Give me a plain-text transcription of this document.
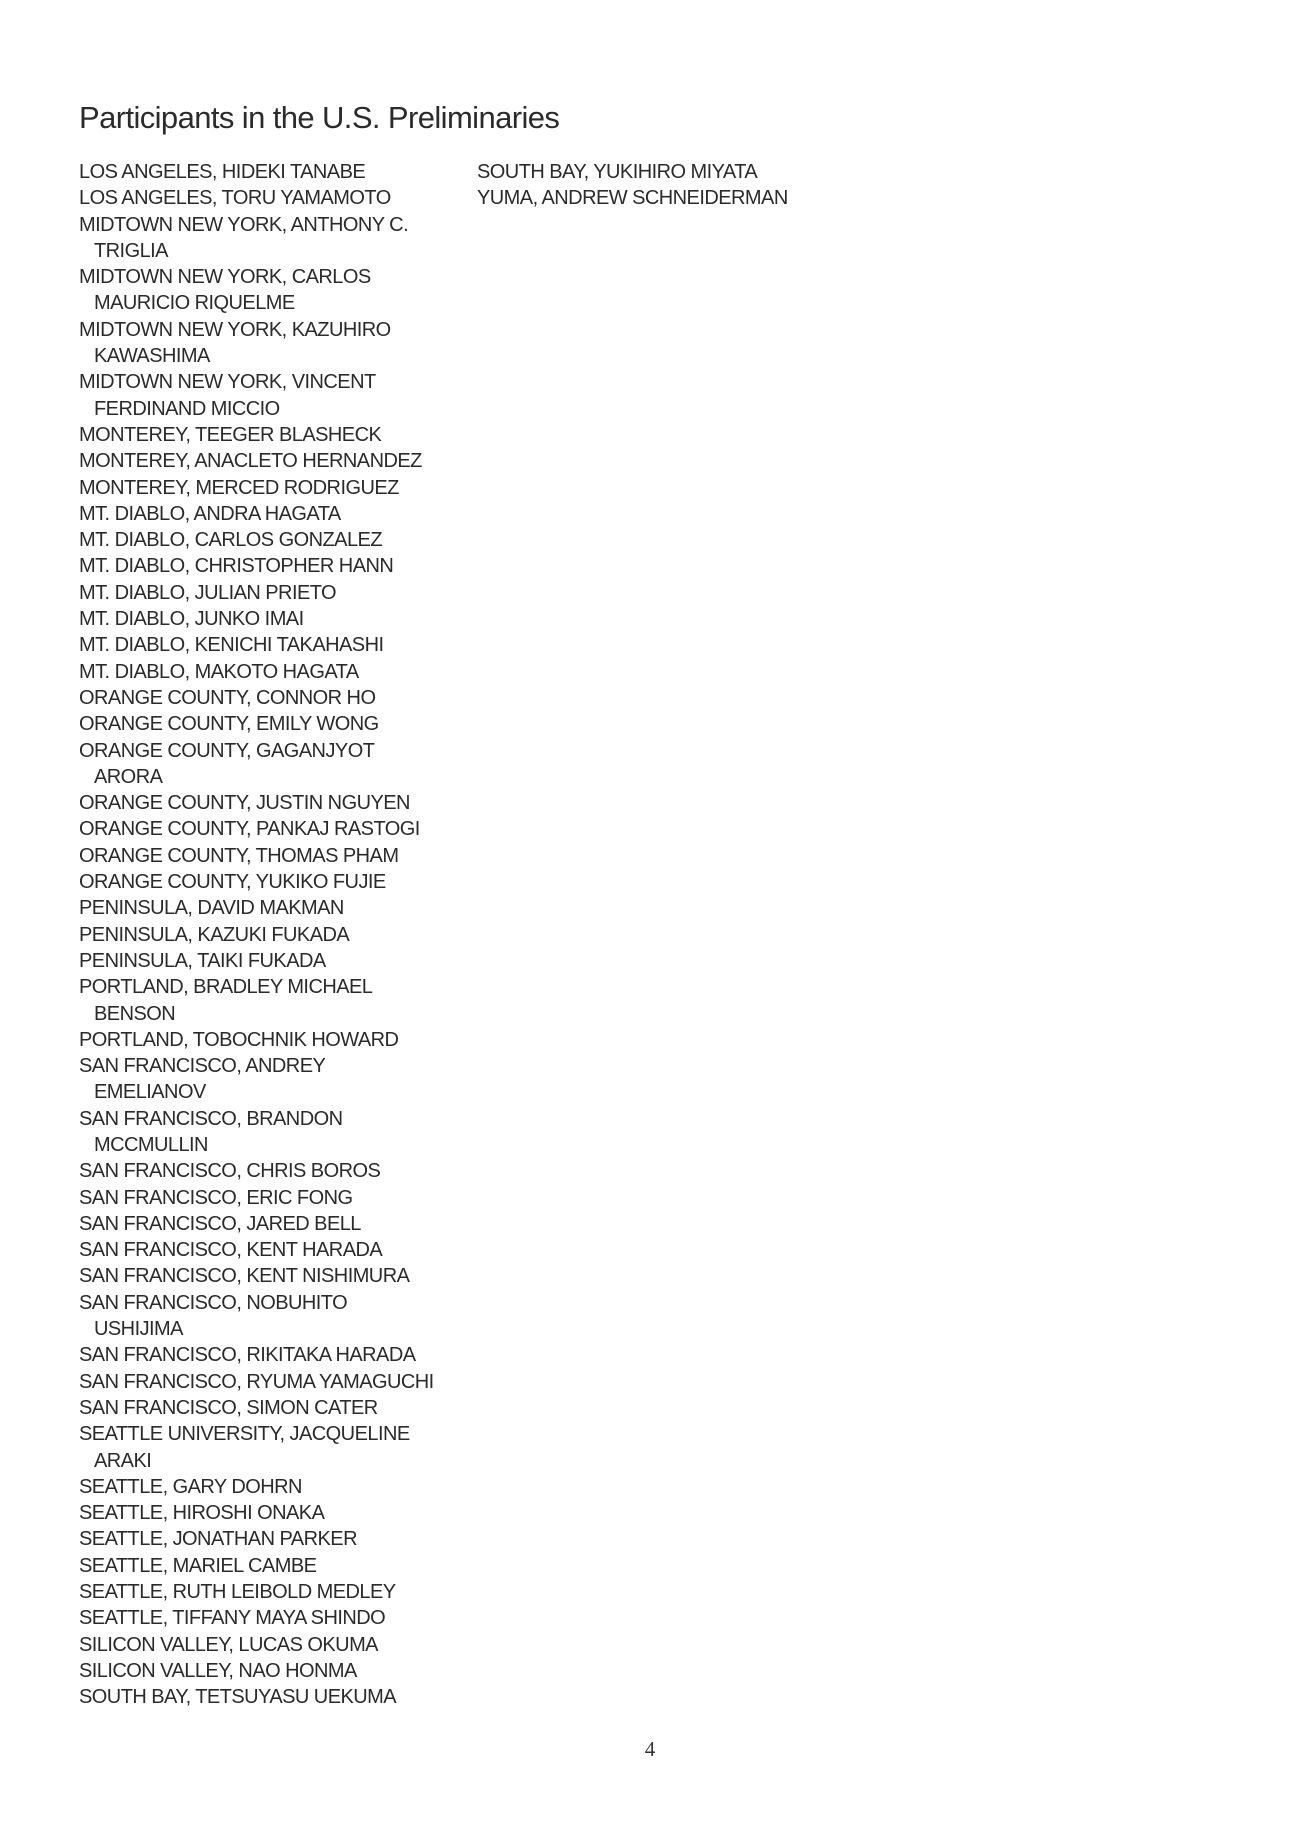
Participants in the U.S. Preliminaries
LOS ANGELES, HIDEKI TANABE
LOS ANGELES, TORU YAMAMOTO
MIDTOWN NEW YORK, ANTHONY C.
TRIGLIA
MIDTOWN NEW YORK, CARLOS
MAURICIO RIQUELME
MIDTOWN NEW YORK, KAZUHIRO
KAWASHIMA
MIDTOWN NEW YORK, VINCENT
FERDINAND MICCIO
MONTEREY, TEEGER BLASHECK
MONTEREY, ANACLETO HERNANDEZ
MONTEREY, MERCED RODRIGUEZ
MT. DIABLO, ANDRA HAGATA
MT. DIABLO, CARLOS GONZALEZ
MT. DIABLO, CHRISTOPHER HANN
MT. DIABLO, JULIAN PRIETO
MT. DIABLO, JUNKO IMAI
MT. DIABLO, KENICHI TAKAHASHI
MT. DIABLO, MAKOTO HAGATA
ORANGE COUNTY, CONNOR HO
ORANGE COUNTY, EMILY WONG
ORANGE COUNTY, GAGANJYOT
ARORA
ORANGE COUNTY, JUSTIN NGUYEN
ORANGE COUNTY, PANKAJ RASTOGI
ORANGE COUNTY, THOMAS PHAM
ORANGE COUNTY, YUKIKO FUJIE
PENINSULA, DAVID MAKMAN
PENINSULA, KAZUKI FUKADA
PENINSULA, TAIKI FUKADA
PORTLAND, BRADLEY MICHAEL
BENSON
PORTLAND, TOBOCHNIK HOWARD
SAN FRANCISCO, ANDREY
EMELIANOV
SAN FRANCISCO, BRANDON
MCCMULLIN
SAN FRANCISCO, CHRIS BOROS
SAN FRANCISCO, ERIC FONG
SAN FRANCISCO, JARED BELL
SAN FRANCISCO, KENT HARADA
SAN FRANCISCO, KENT NISHIMURA
SAN FRANCISCO, NOBUHITO
USHIJIMA
SAN FRANCISCO, RIKITAKA HARADA
SAN FRANCISCO, RYUMA YAMAGUCHI
SAN FRANCISCO, SIMON CATER
SEATTLE UNIVERSITY, JACQUELINE
ARAKI
SEATTLE, GARY DOHRN
SEATTLE, HIROSHI ONAKA
SEATTLE, JONATHAN PARKER
SEATTLE, MARIEL CAMBE
SEATTLE, RUTH LEIBOLD MEDLEY
SEATTLE, TIFFANY MAYA SHINDO
SILICON VALLEY, LUCAS OKUMA
SILICON VALLEY, NAO HONMA
SOUTH BAY, TETSUYASU UEKUMA
SOUTH BAY, YUKIHIRO MIYATA
YUMA, ANDREW SCHNEIDERMAN
4
